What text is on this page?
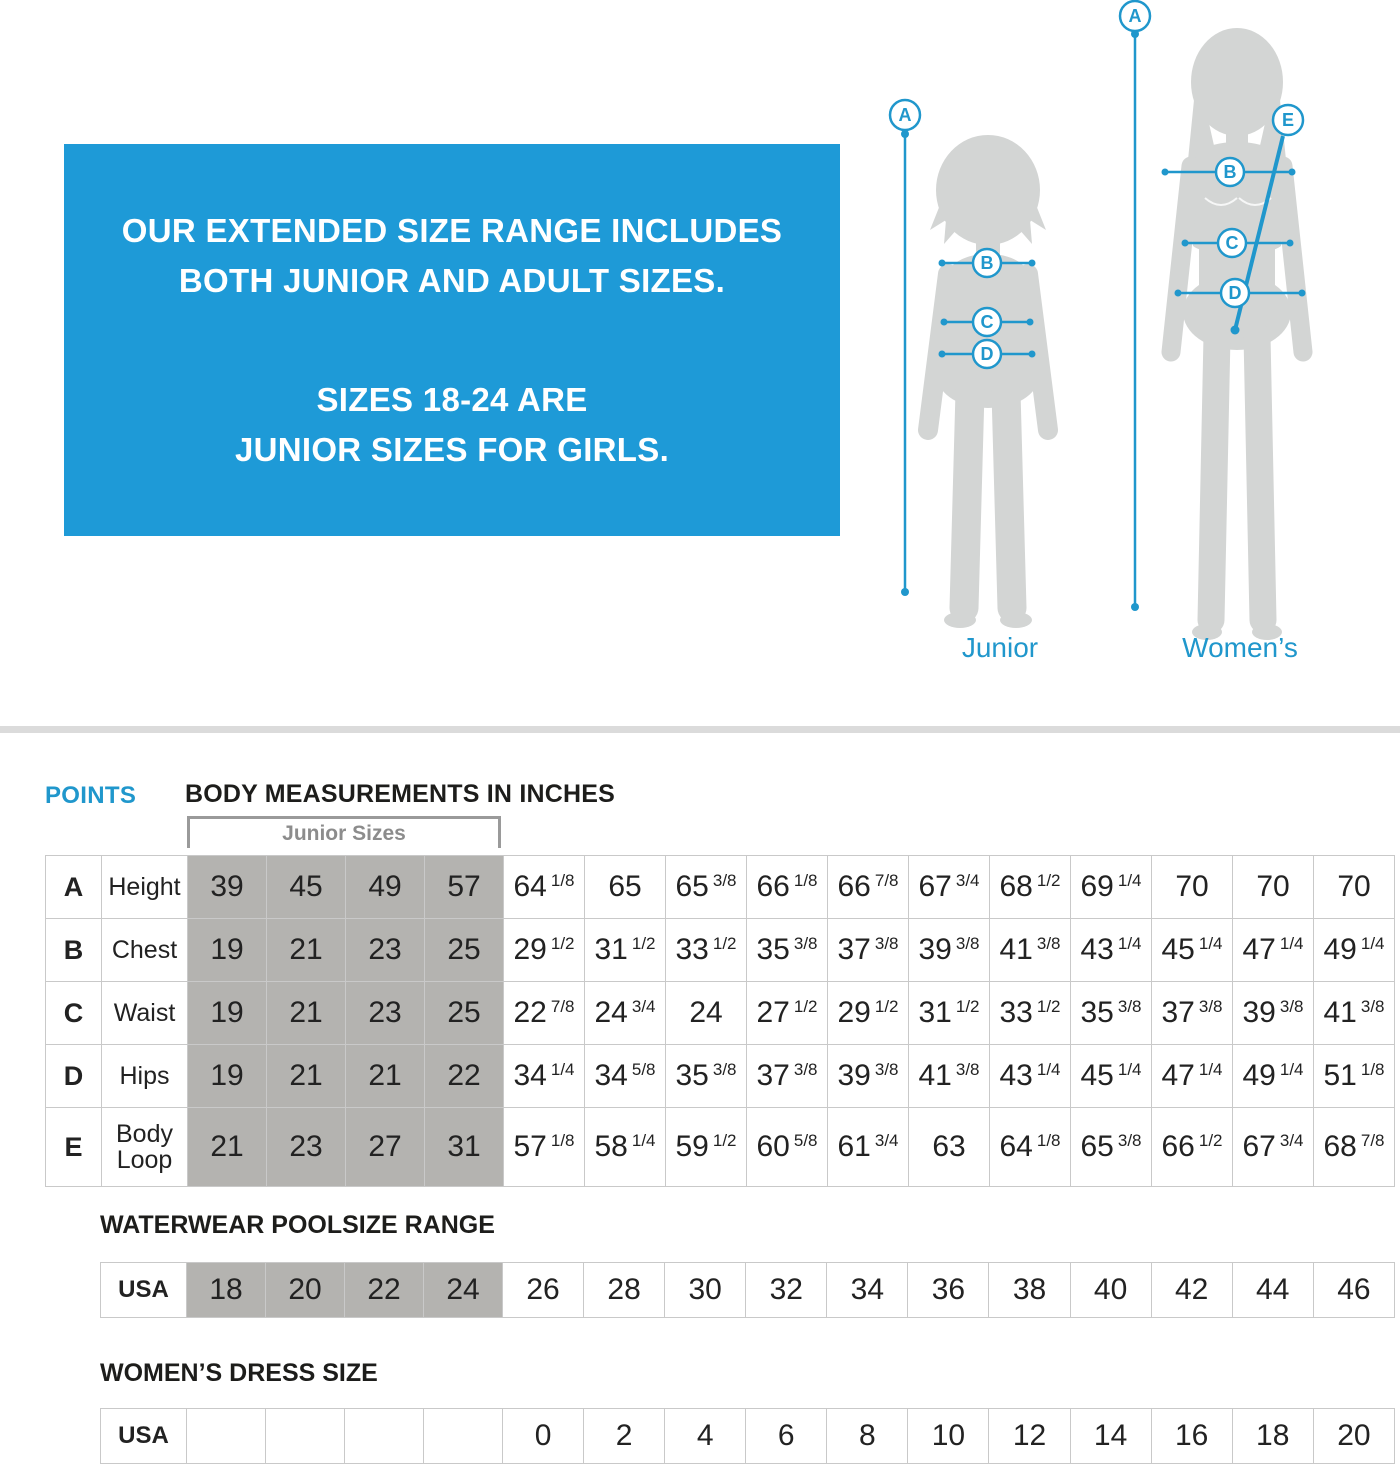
OUR EXTENDED SIZE RANGE INCLUDES
BOTH JUNIOR AND ADULT SIZES.
SIZES 18-24 ARE
JUNIOR SIZES FOR GIRLS.
A
B
C
D
A
E
B
C
D
Junior	Women’s
POINTS BODY MEASUREMENTS IN INCHES
Junior Sizes
A	Height	39	45	49	57	64 $^{1/8}$	65	65 $^{3/8}$	66 $^{1/8}$	66 $^{7/8}$	67 $^{3/4}$	68 $^{1/2}$	69 $^{1/4}$	70	70	70
B	Chest	19	21	23	25	29 $^{1/2}$	31 $^{1/2}$	33 $^{1/2}$	35 $^{3/8}$	37 $^{3/8}$	39 $^{3/8}$	41 $^{3/8}$	43 $^{1/4}$	45 $^{1/4}$	47 $^{1/4}$	49 $^{1/4}$
C	Waist	19	21	23	25	22 $^{7/8}$	24 $^{3/4}$	24	27 $^{1/2}$	29 $^{1/2}$	31 $^{1/2}$	33 $^{1/2}$	35 $^{3/8}$	37 $^{3/8}$	39 $^{3/8}$	41 $^{3/8}$
D	Hips	19	21	21	22	34 $^{1/4}$	34 $^{5/8}$	35 $^{3/8}$	37 $^{3/8}$	39 $^{3/8}$	41 $^{3/8}$	43 $^{1/4}$	45 $^{1/4}$	47 $^{1/4}$	49 $^{1/4}$	51 $^{1/8}$
E	Body Loop	21	23	27	31	57 $^{1/8}$	58 $^{1/4}$	59 $^{1/2}$	60 $^{5/8}$	61 $^{3/4}$	63	64 $^{1/8}$	65 $^{3/8}$	66 $^{1/2}$	67 $^{3/4}$	68 $^{7/8}$
WATERWEAR POOLSIZE RANGE
USA	18	20	22	24	26	28	30	32	34	36	38	40	42	44	46
WOMEN’S DRESS SIZE
USA					0	2	4	6	8	10	12	14	16	18	20
